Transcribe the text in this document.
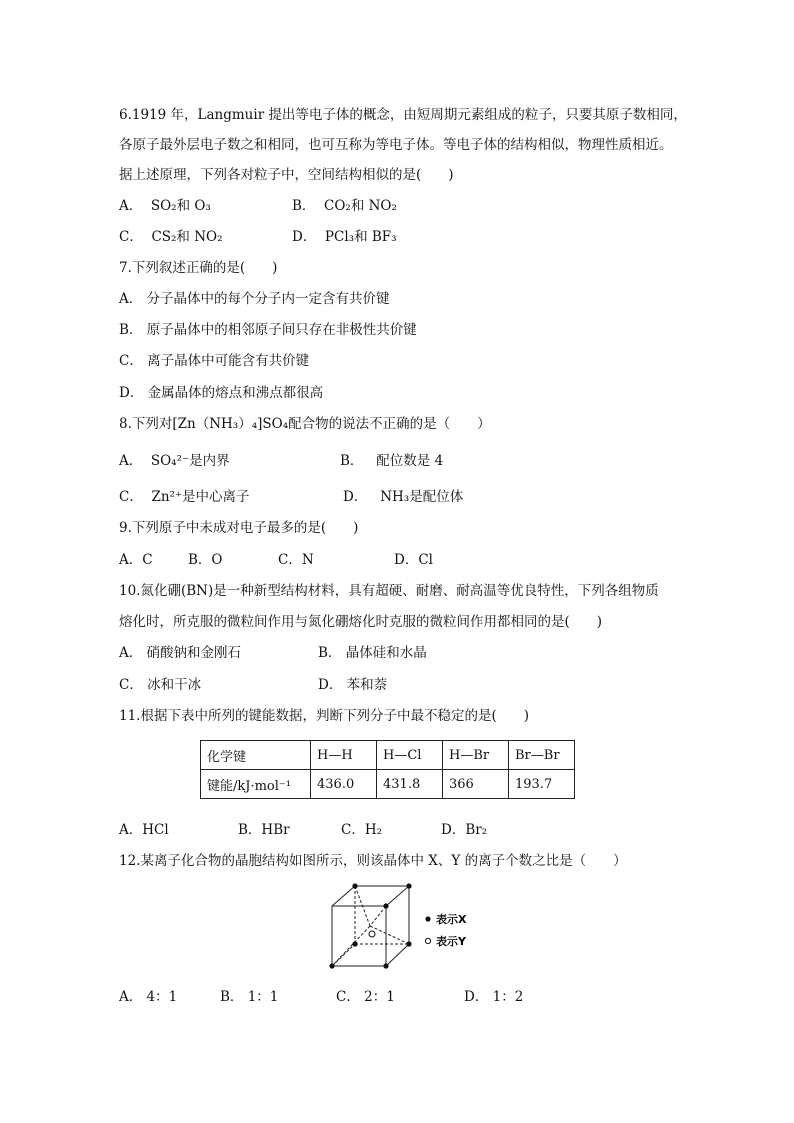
6.1919 年，Langmuir 提出等电子体的概念，由短周期元素组成的粒子，只要其原子数相同，
各原子最外层电子数之和相同，也可互称为等电子体。等电子体的结构相似，物理性质相近。
据上述原理，下列各对粒子中，空间结构相似的是(　　)
A． SO₂和 O₃	B． CO₂和 NO₂
C． CS₂和 NO₂	D． PCl₃和 BF₃
7.下列叙述正确的是(　　)
A． 分子晶体中的每个分子内一定含有共价键
B． 原子晶体中的相邻原子间只存在非极性共价键
C． 离子晶体中可能含有共价键
D． 金属晶体的熔点和沸点都很高
8.下列对[Zn（NH₃）₄]SO₄配合物的说法不正确的是（　　）
A． SO₄²⁻是内界	B． 配位数是 4
C． Zn²⁺是中心离子	D． NH₃是配位体
9.下列原子中未成对电子最多的是(　　)
A．C	B．O	C．N	D．Cl
10.氮化硼(BN)是一种新型结构材料，具有超硬、耐磨、耐高温等优良特性，下列各组物质
熔化时，所克服的微粒间作用与氮化硼熔化时克服的微粒间作用都相同的是(　　)
A． 硝酸钠和金刚石	B． 晶体硅和水晶
C． 冰和干冰	D． 苯和萘
11.根据下表中所列的键能数据，判断下列分子中最不稳定的是(　　)
化学键	H—H	H—Cl	H—Br	Br—Br
键能/kJ·mol⁻¹	436.0	431.8	366	193.7
A．HCl	B．HBr	C．H₂	D．Br₂
12.某离子化合物的晶胞结构如图所示，则该晶体中 X、Y 的离子个数之比是（　　）
表示X
表示Y
A． 4：1	B． 1：1	C． 2：1	D． 1：2
